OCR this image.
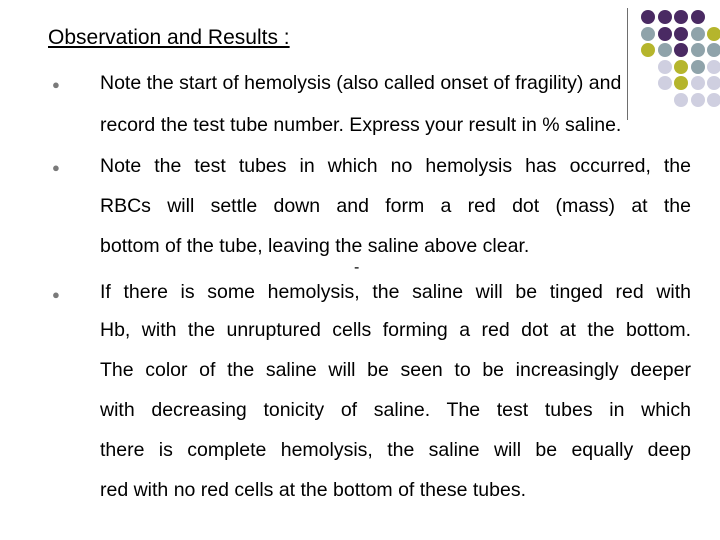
Observation and Results :
● Note the start of hemolysis (also called onset of fragility) and
record the test tube number. Express your result in % saline.
● Note the test tubes in which no hemolysis has occurred, the
RBCs will settle down and form a red dot (mass) at the
bottom of the tube, leaving the saline above clear.
-
● If there is some hemolysis, the saline will be tinged red with
Hb, with the unruptured cells forming a red dot at the bottom.
The color of the saline will be seen to be increasingly deeper
with decreasing tonicity of saline. The test tubes in which
there is complete hemolysis, the saline will be equally deep
red with no red cells at the bottom of these tubes.
